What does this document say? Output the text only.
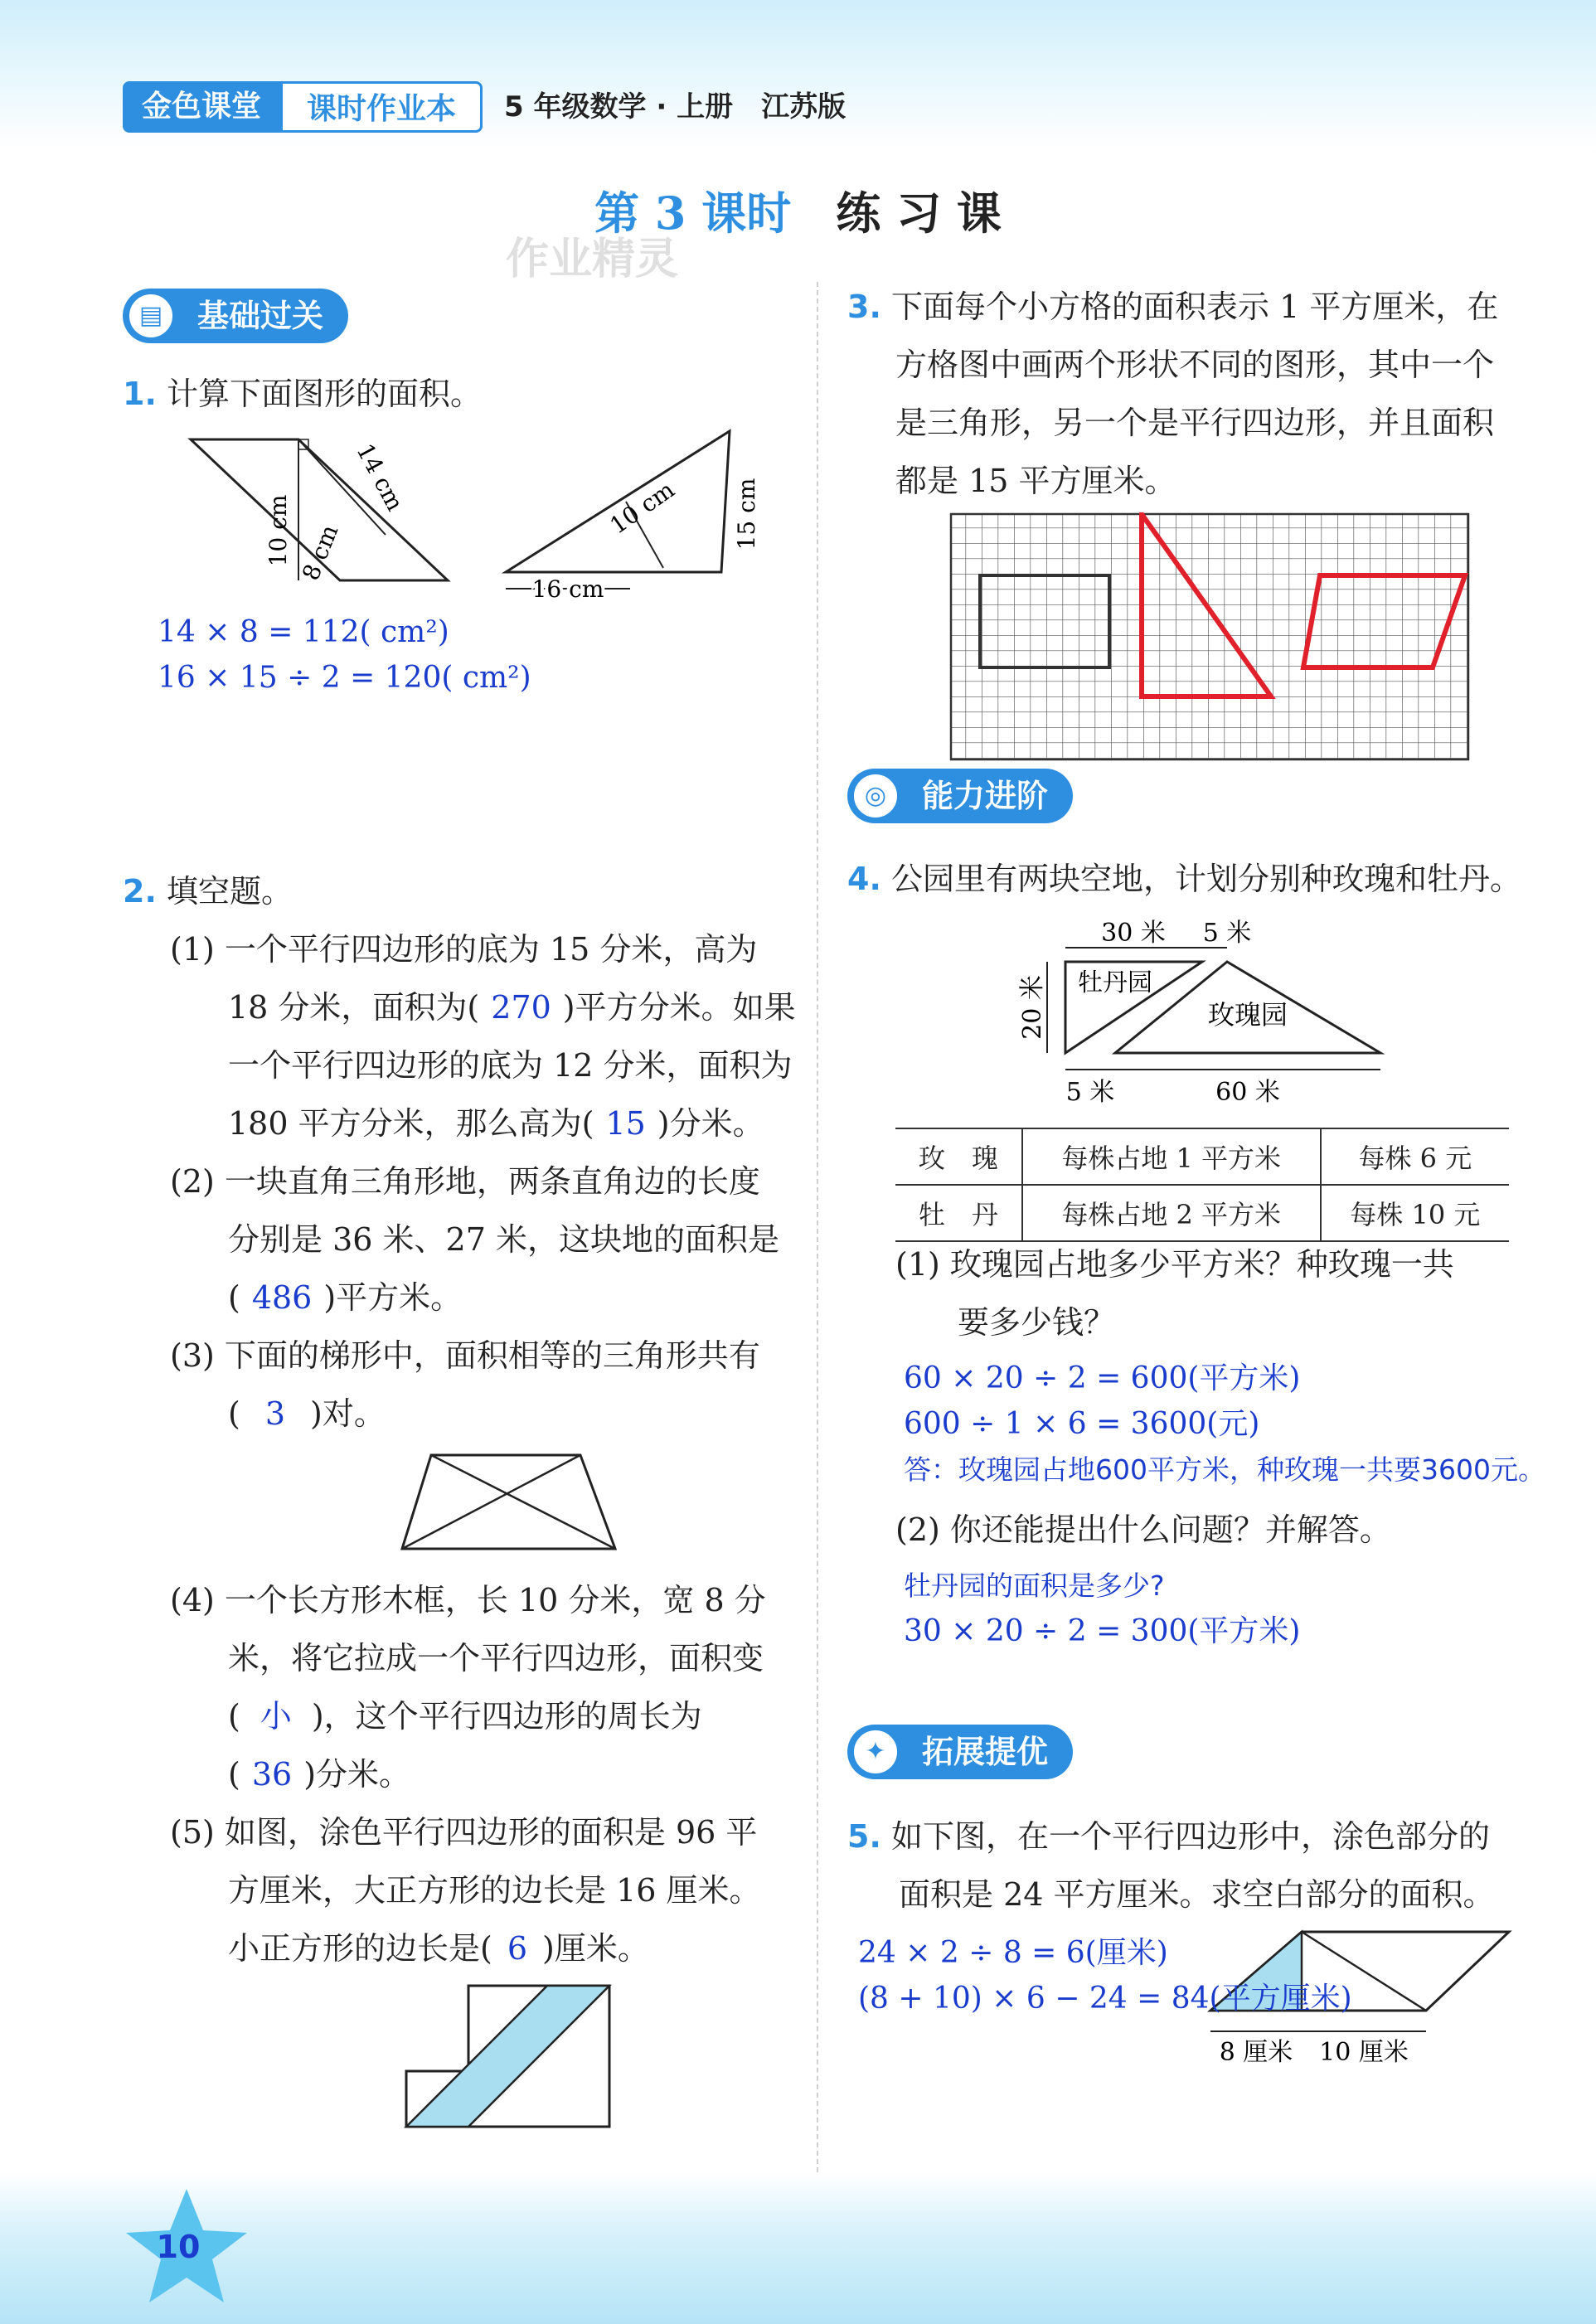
金色课堂	课时作业本	5 年级数学 · 上册　江苏版
第 3 课时　 练 习 课
作业精灵
▤	基础过关
1. 计算下面图形的面积。
10 cm 8 cm
14 cm	10 cm 15 cm
16 cm
14 × 8 = 112( cm²)
16 × 15 ÷ 2 = 120( cm²)
2. 填空题。
(1) 一个平行四边形的底为 15 分米，高为
18 分米，面积为( 270 )平方分米。如果
一个平行四边形的底为 12 分米，面积为
180 平方分米，那么高为( 15 )分米。
(2) 一块直角三角形地，两条直角边的长度
分别是 36 米、27 米，这块地的面积是
( 486 )平方米。
(3) 下面的梯形中，面积相等的三角形共有
( 3 )对。
(4) 一个长方形木框，长 10 分米，宽 8 分
米，将它拉成一个平行四边形，面积变
( 小 )，这个平行四边形的周长为
( 36 )分米。
(5) 如图，涂色平行四边形的面积是 96 平
方厘米，大正方形的边长是 16 厘米。
小正方形的边长是( 6 )厘米。
3. 下面每个小方格的面积表示 1 平方厘米，在
方格图中画两个形状不同的图形，其中一个
是三角形，另一个是平行四边形，并且面积
都是 15 平方厘米。
◎	能力进阶
4. 公园里有两块空地，计划分别种玫瑰和牡丹。
30 米 5 米
20 米 牡丹园
玫瑰园
5 米	60 米
玫　瑰	每株占地 1 平方米	每株 6 元
牡　丹	每株占地 2 平方米	每株 10 元
(1) 玫瑰园占地多少平方米？种玫瑰一共
要多少钱？
60 × 20 ÷ 2 = 600(平方米)
600 ÷ 1 × 6 = 3600(元)
答：玫瑰园占地600平方米，种玫瑰一共要3600元。
(2) 你还能提出什么问题？并解答。
牡丹园的面积是多少?
30 × 20 ÷ 2 = 300(平方米)
✦	拓展提优
5. 如下图，在一个平行四边形中，涂色部分的
面积是 24 平方厘米。求空白部分的面积。
8 厘米 10 厘米
24 × 2 ÷ 8 = 6(厘米)
(8 + 10) × 6 − 24 = 84(平方厘米)
10
